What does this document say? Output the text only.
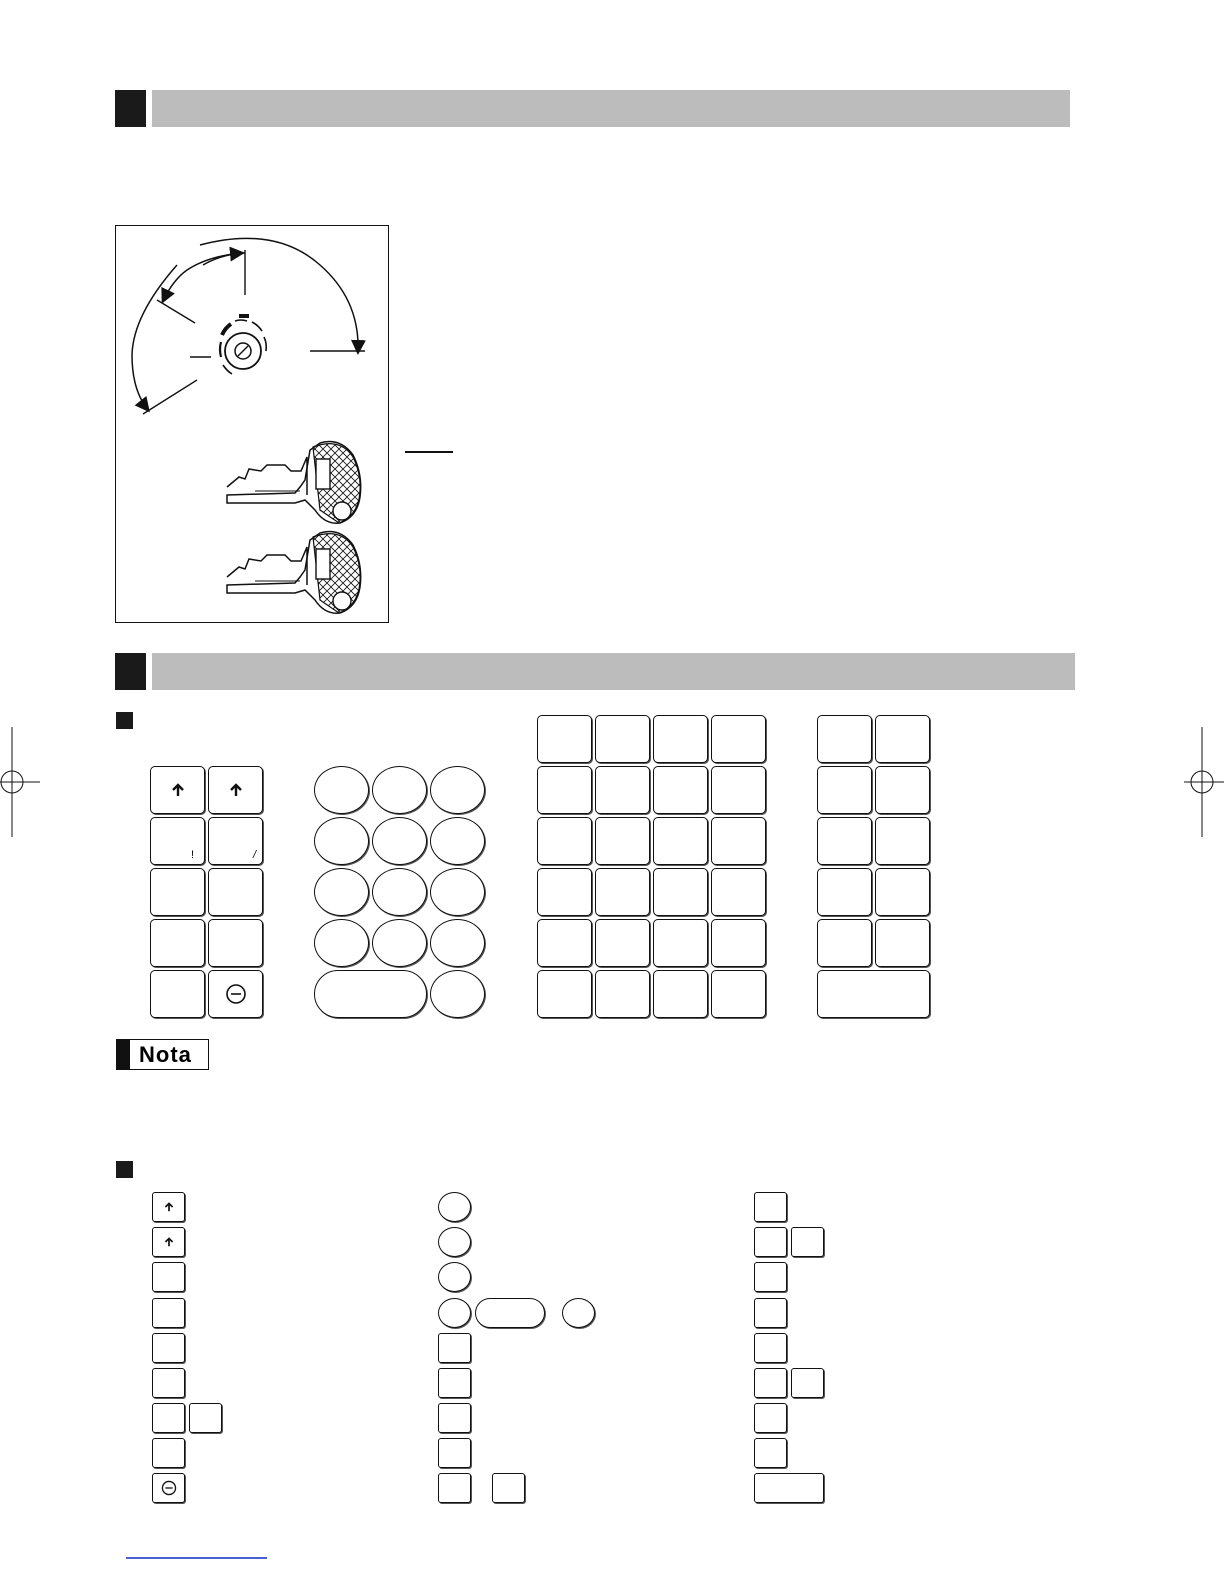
!	/
Nota
